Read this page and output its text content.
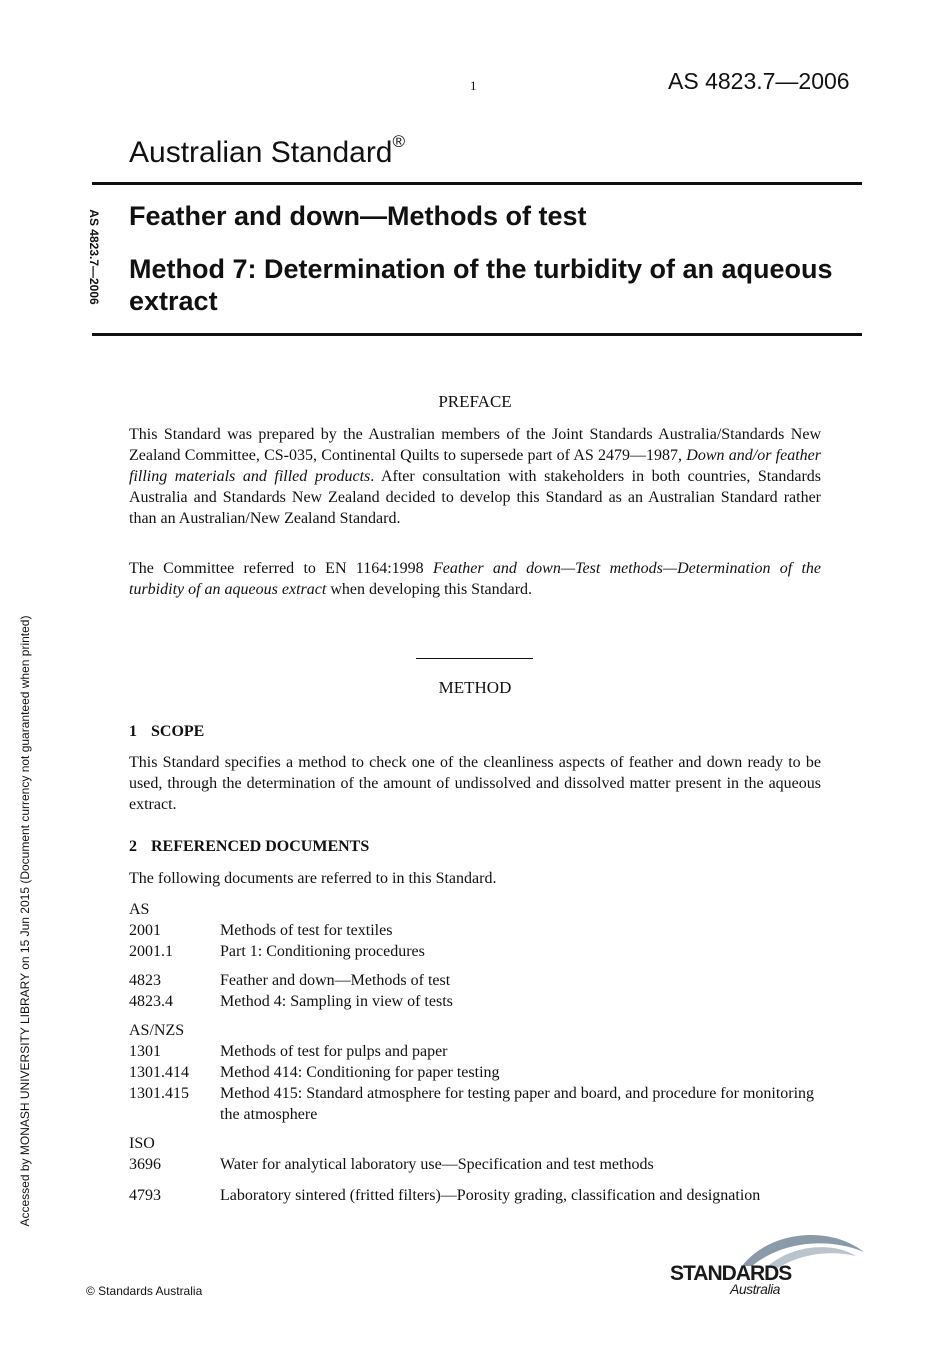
1	AS 4823.7—2006
Australian Standard®
Feather and down—Methods of test
Method 7: Determination of the turbidity of an aqueous extract
AS 4823.7—2006
Accessed by MONASH UNIVERSITY LIBRARY on 15 Jun 2015 (Document currency not guaranteed when printed)
PREFACE
This Standard was prepared by the Australian members of the Joint Standards Australia/Standards New Zealand Committee, CS-035, Continental Quilts to supersede part of AS 2479—1987, Down and/or feather filling materials and filled products. After consultation with stakeholders in both countries, Standards Australia and Standards New Zealand decided to develop this Standard as an Australian Standard rather than an Australian/New Zealand Standard.
The Committee referred to EN 1164:1998 Feather and down—Test methods—Determination of the turbidity of an aqueous extract when developing this Standard.
METHOD
1 SCOPE
This Standard specifies a method to check one of the cleanliness aspects of feather and down ready to be used, through the determination of the amount of undissolved and dissolved matter present in the aqueous extract.
2 REFERENCED DOCUMENTS
The following documents are referred to in this Standard.
AS
2001	Methods of test for textiles
2001.1	Part 1: Conditioning procedures
4823	Feather and down—Methods of test
4823.4	Method 4: Sampling in view of tests
AS/NZS
1301	Methods of test for pulps and paper
1301.414	Method 414: Conditioning for paper testing
1301.415	Method 415: Standard atmosphere for testing paper and board, and procedure for monitoring the atmosphere
ISO
3696	Water for analytical laboratory use—Specification and test methods
4793	Laboratory sintered (fritted filters)—Porosity grading, classification and designation
© Standards Australia
STANDARDS
Australia
